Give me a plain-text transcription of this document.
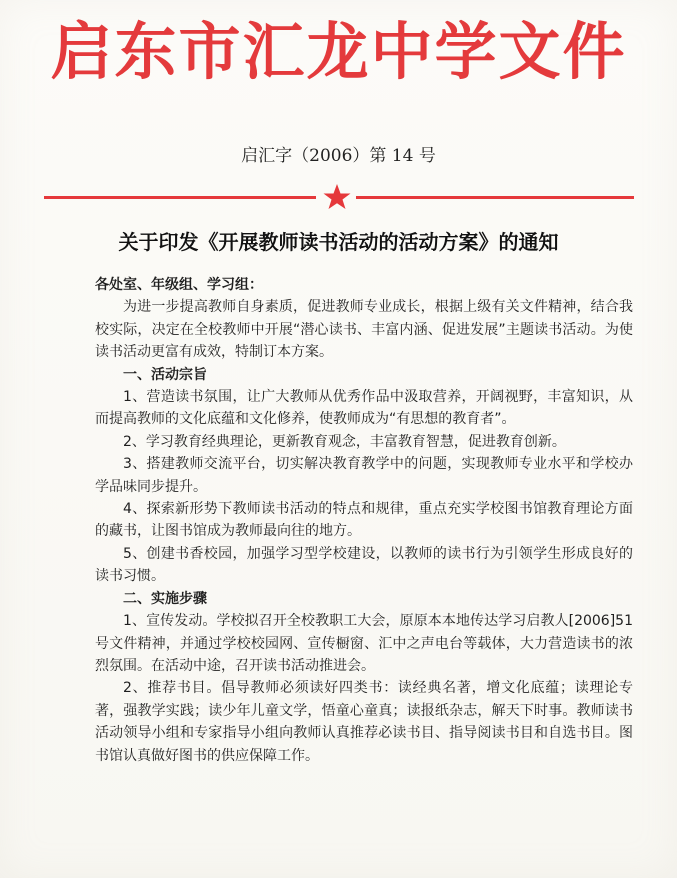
启东市汇龙中学文件
启汇字（2006）第 14 号
关于印发《开展教师读书活动的活动方案》的通知

各处室、年级组、学习组：

为进一步提高教师自身素质，促进教师专业成长，根据上级有关文件精神，结合我校实际，决定在全校教师中开展“潜心读书、丰富内涵、促进发展”主题读书活动。为使读书活动更富有成效，特制订本方案。

一、活动宗旨

1、营造读书氛围，让广大教师从优秀作品中汲取营养，开阔视野，丰富知识，从而提高教师的文化底蕴和文化修养，使教师成为“有思想的教育者”。

2、学习教育经典理论，更新教育观念，丰富教育智慧，促进教育创新。

3、搭建教师交流平台，切实解决教育教学中的问题，实现教师专业水平和学校办学品味同步提升。

4、探索新形势下教师读书活动的特点和规律，重点充实学校图书馆教育理论方面的藏书，让图书馆成为教师最向往的地方。

5、创建书香校园，加强学习型学校建设，以教师的读书行为引领学生形成良好的读书习惯。

二、实施步骤

1、宣传发动。学校拟召开全校教职工大会，原原本本地传达学习启教人[2006]51 号文件精神，并通过学校校园网、宣传橱窗、汇中之声电台等载体，大力营造读书的浓烈氛围。在活动中途，召开读书活动推进会。

2、推荐书目。倡导教师必须读好四类书：读经典名著，增文化底蕴；读理论专著，强教学实践；读少年儿童文学，悟童心童真；读报纸杂志，解天下时事。教师读书活动领导小组和专家指导小组向教师认真推荐必读书目、指导阅读书目和自选书目。图书馆认真做好图书的供应保障工作。
